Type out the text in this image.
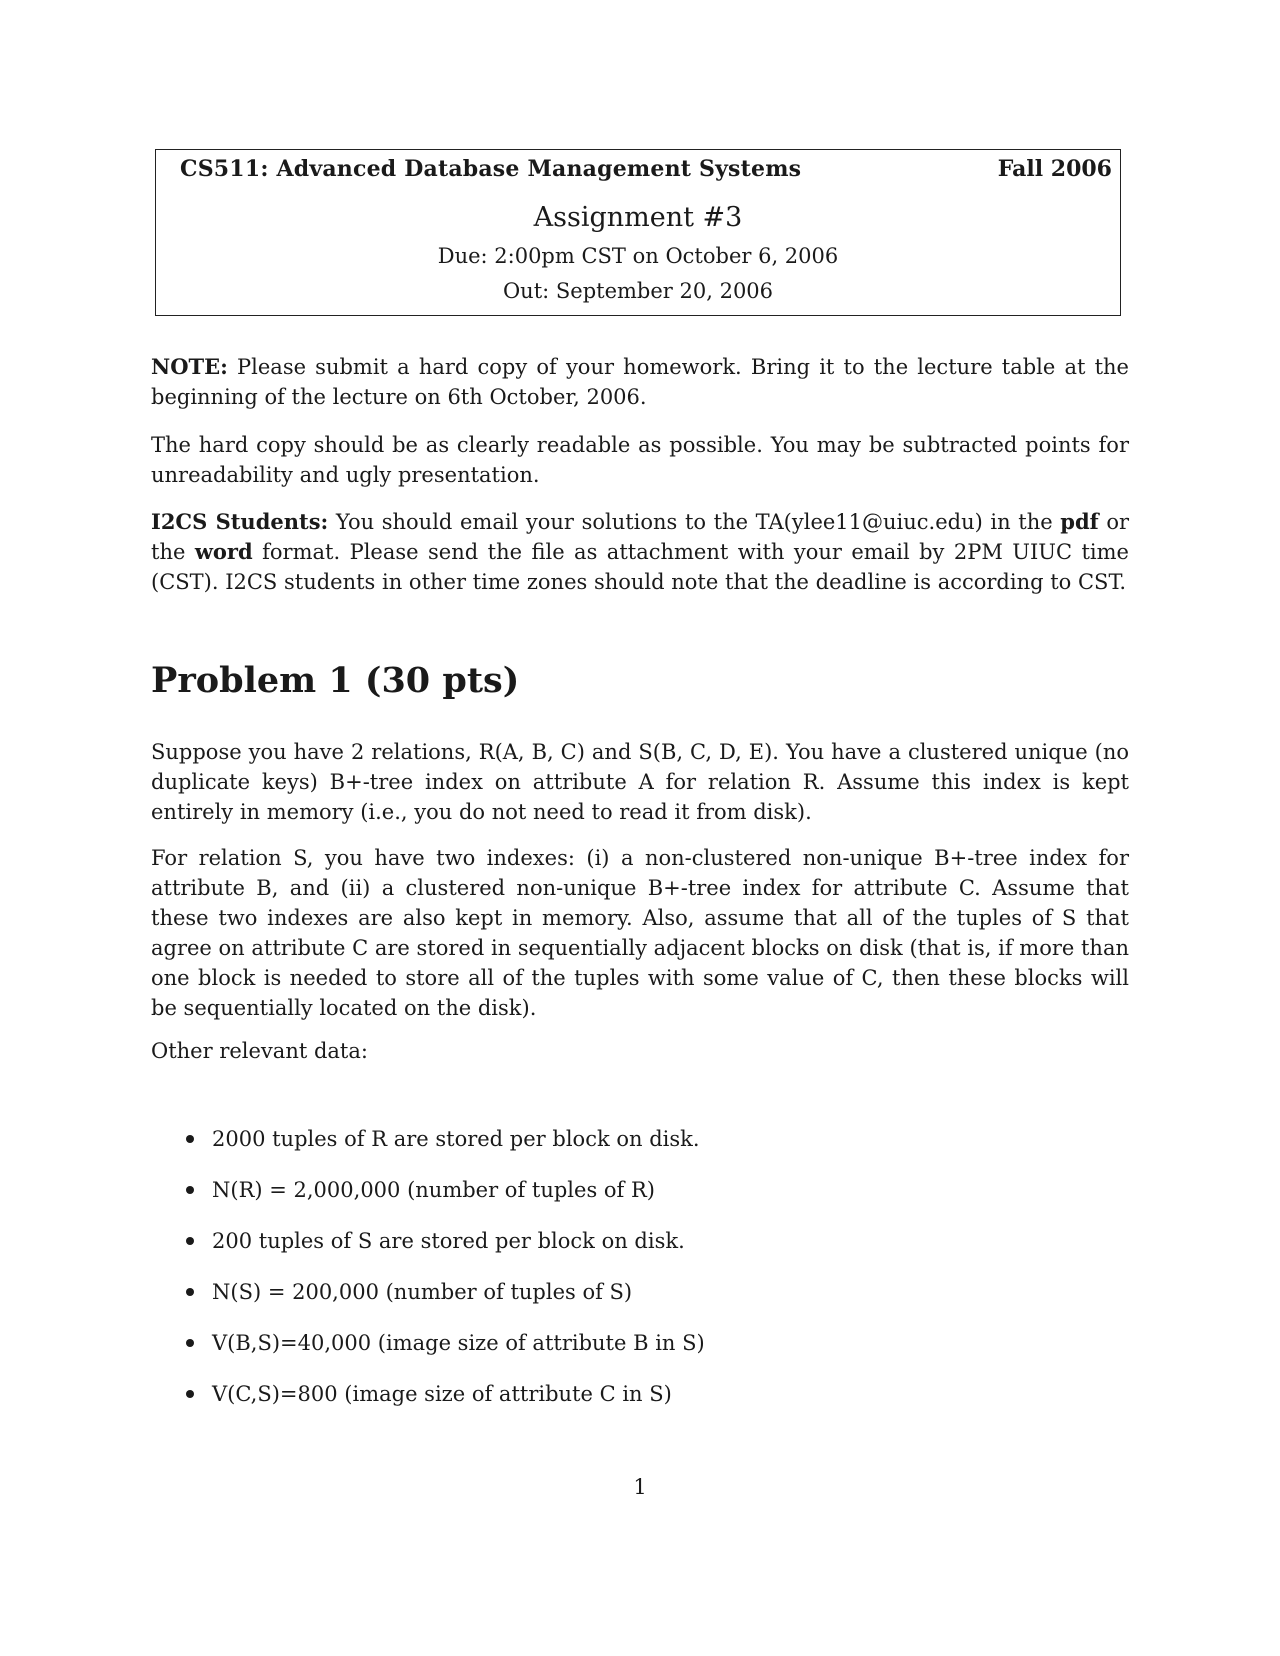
CS511: Advanced Database Management Systems	Fall 2006
Assignment #3
Due: 2:00pm CST on October 6, 2006
Out: September 20, 2006
NOTE: Please submit a hard copy of your homework. Bring it to the lecture table at the beginning of the lecture on 6th October, 2006.
The hard copy should be as clearly readable as possible. You may be subtracted points for unreadability and ugly presentation.
I2CS Students: You should email your solutions to the TA(ylee11@uiuc.edu) in the pdf or the word format. Please send the file as attachment with your email by 2PM UIUC time (CST). I2CS students in other time zones should note that the deadline is according to CST.
Problem 1 (30 pts)
Suppose you have 2 relations, R(A, B, C) and S(B, C, D, E). You have a clustered unique (no duplicate keys) B+-tree index on attribute A for relation R. Assume this index is kept entirely in memory (i.e., you do not need to read it from disk).
For relation S, you have two indexes: (i) a non-clustered non-unique B+-tree index for attribute B, and (ii) a clustered non-unique B+-tree index for attribute C. Assume that these two indexes are also kept in memory. Also, assume that all of the tuples of S that agree on attribute C are stored in sequentially adjacent blocks on disk (that is, if more than one block is needed to store all of the tuples with some value of C, then these blocks will be sequentially located on the disk).
Other relevant data:
2000 tuples of R are stored per block on disk.
N(R) = 2,000,000 (number of tuples of R)
200 tuples of S are stored per block on disk.
N(S) = 200,000 (number of tuples of S)
V(B,S)=40,000 (image size of attribute B in S)
V(C,S)=800 (image size of attribute C in S)
1
